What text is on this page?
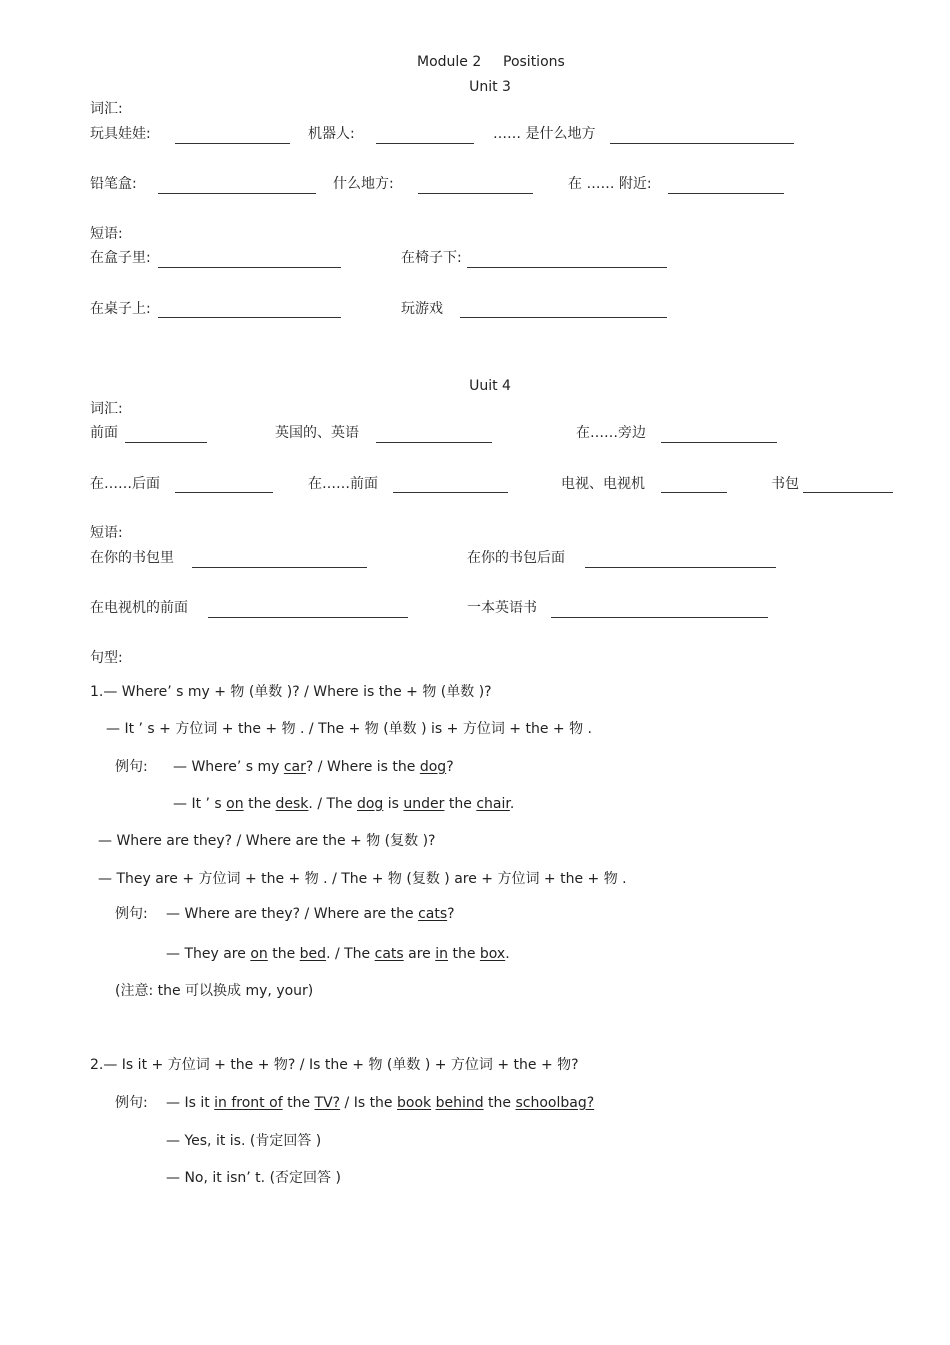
Module 2 Positions
Unit 3
词汇:
玩具娃娃:	机器人:	…… 是什么地方
铅笔盒:	什么地方:	在 …… 附近:
短语:
在盒子里:	在椅子下:
在桌子上:	玩游戏
Uuit 4
词汇:
前面	英国的、英语	在……旁边
在……后面	在……前面	电视、电视机	书包
短语:
在你的书包里	在你的书包后面
在电视机的前面	一本英语书
句型:
1.— Where’ s my + 物 (单数 )? / Where is the + 物 (单数 )?
— It ’ s + 方位词 + the + 物 . / The + 物 (单数 ) is + 方位词 + the + 物 .
例句: — Where’ s my car? / Where is the dog?
— It ’ s on the desk. / The dog is under the chair.
— Where are they? / Where are the + 物 (复数 )?
— They are + 方位词 + the + 物 . / The + 物 (复数 ) are + 方位词 + the + 物 .
例句: — Where are they? / Where are the cats?
— They are on the bed. / The cats are in the box.
(注意: the 可以换成 my, your)
2.— Is it + 方位词 + the + 物? / Is the + 物 (单数 ) + 方位词 + the + 物?
例句: — Is it in front of the TV? / Is the book behind the schoolbag?
— Yes, it is. (肯定回答 )
— No, it isn’ t. (否定回答 )
